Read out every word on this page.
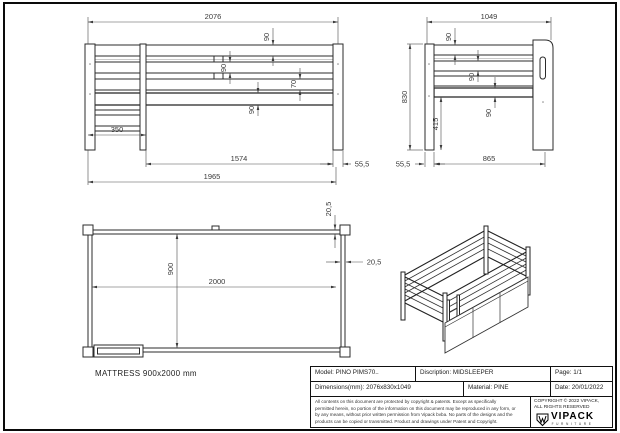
2076
90
90
70
90
350
1574
55,5
1965
1049
830
90
90
90
415
55,5
865
900
2000
20,5
20,5
MATTRESS 900x2000 mm	Model: PINO PIMS70..	Discription: MIDSLEEPER	Page: 1/1
Dimensions(mm): 2076x830x1049	Material: PINE	Date: 20/01/2022
All contents on this document are protected by copyright & patents. Except as specifically
permitted herein, no portion of the information on this document may be reproduced in any form, or
by any means, without prior written permission from Vipack bvba. No parts of the designs and the
products can be copied or transmitted. Product and drawings under Patent and Copyright.
COPYRIGHT © 2022 VIPACK,
ALL RIGHTS RESERVED
VIPACK
FURNITURE
